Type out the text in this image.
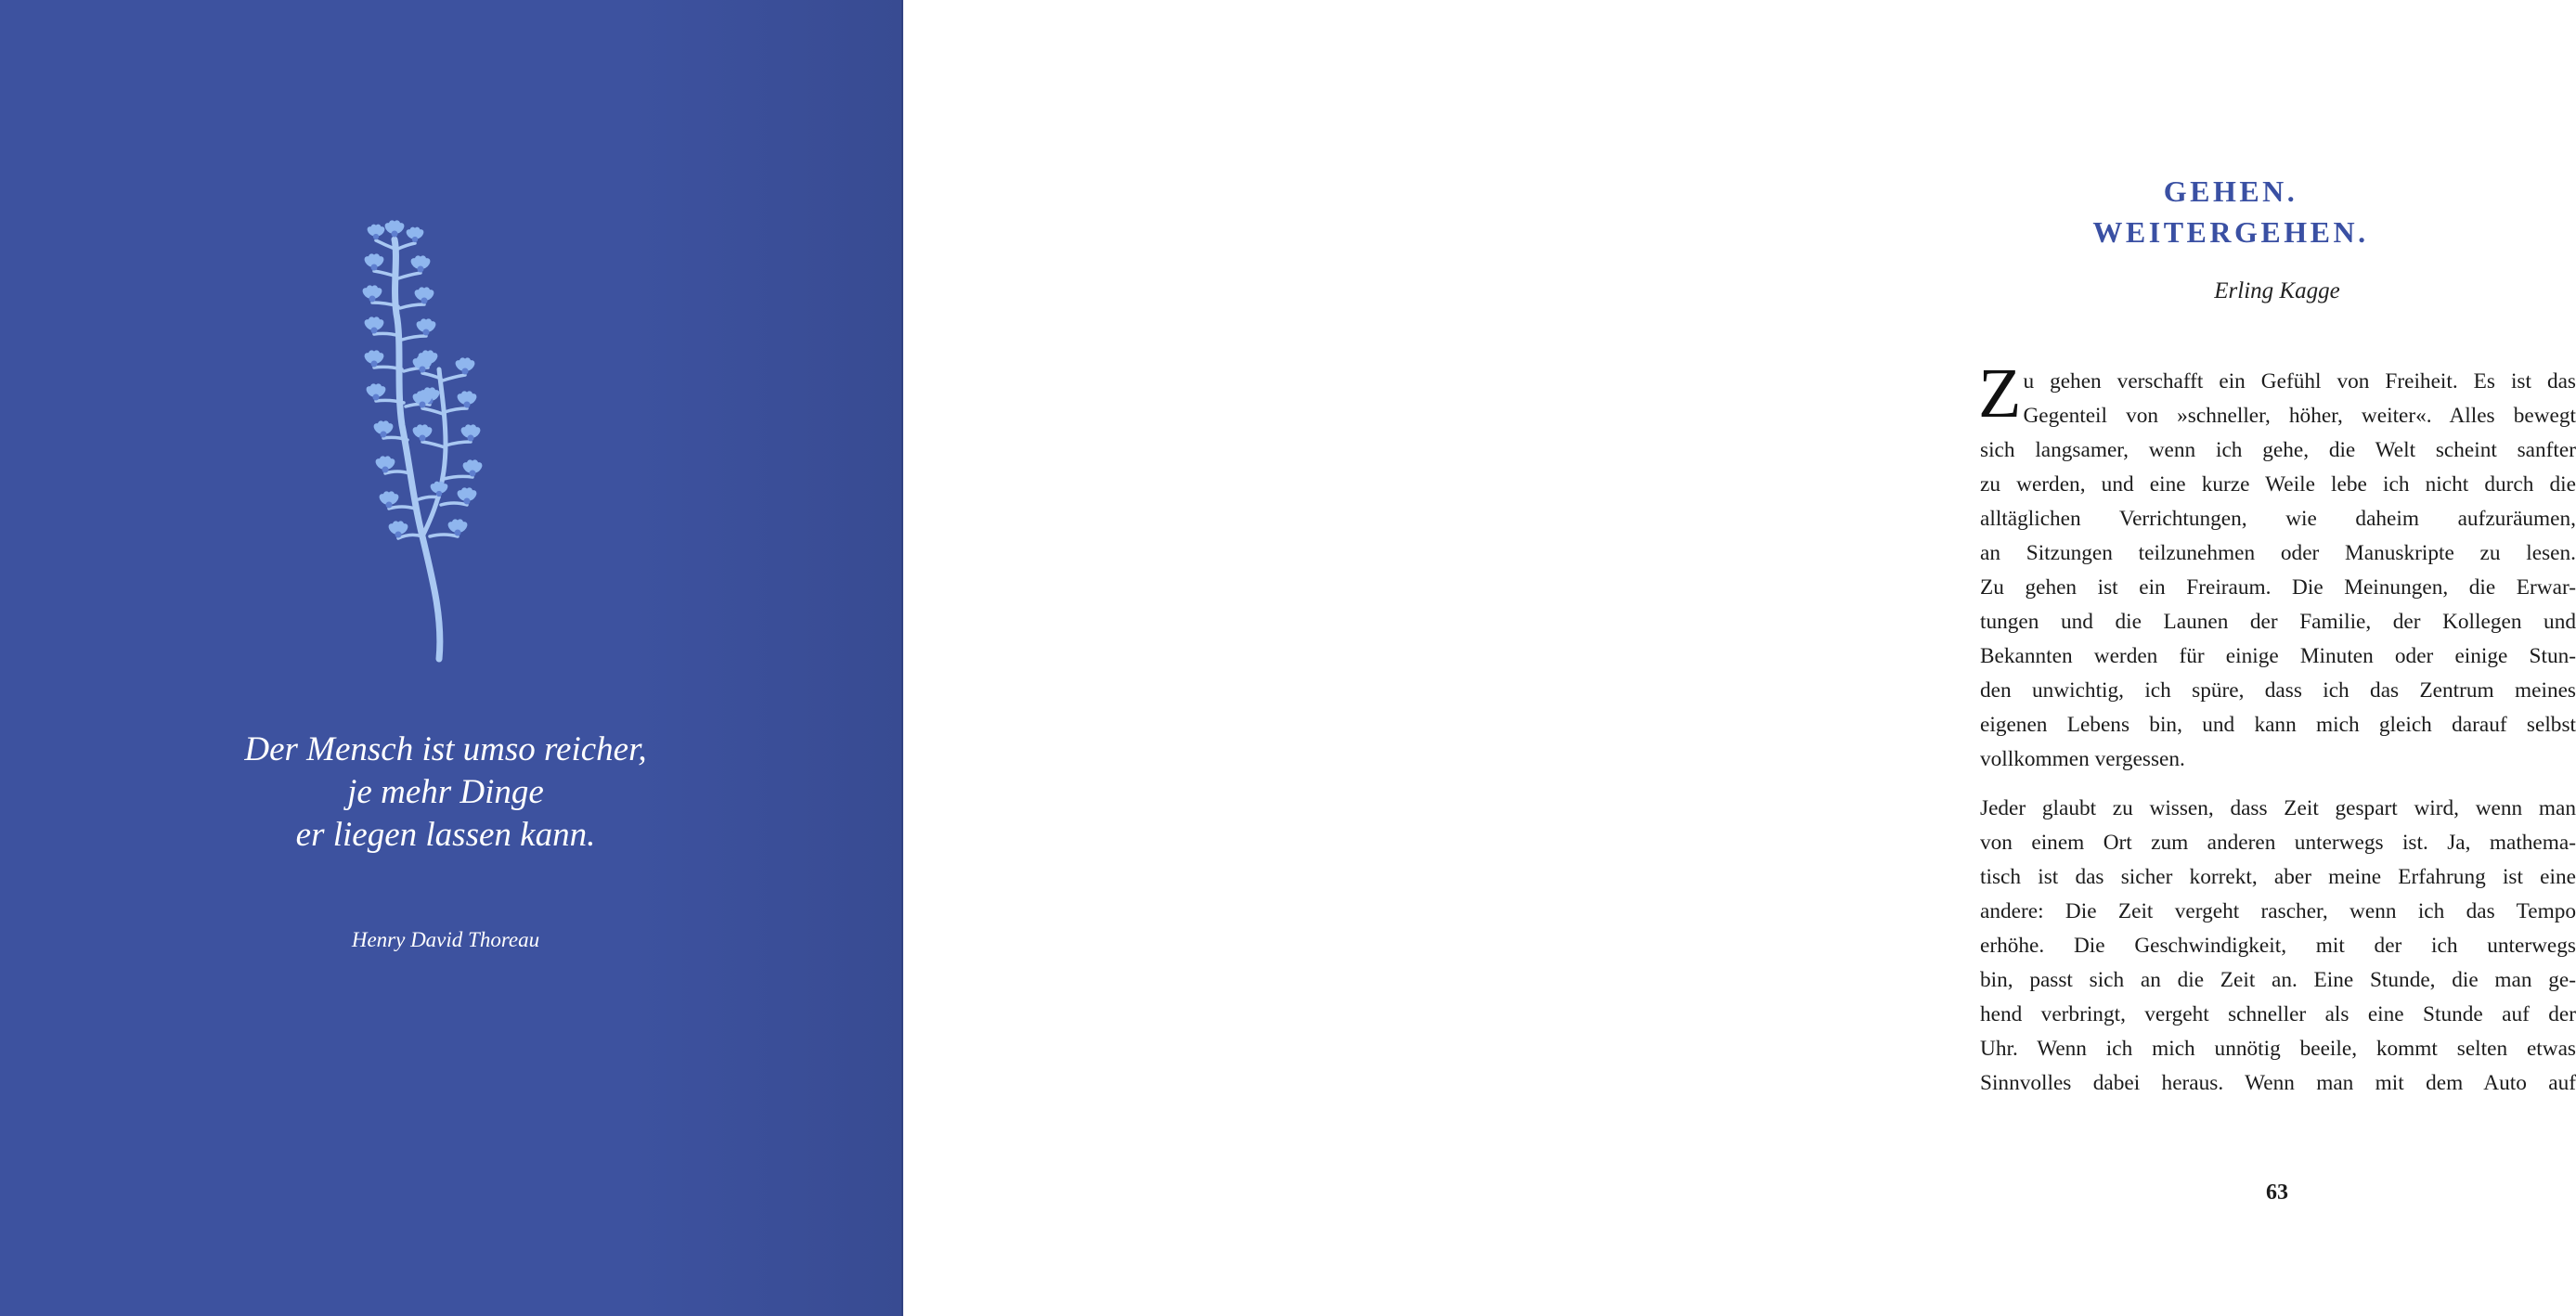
Der Mensch ist umso reicher,
je mehr Dinge
er liegen lassen kann.
Henry David Thoreau
GEHEN.
WEITERGEHEN.
Erling Kagge
Z u gehen verschafft ein Gefühl von Freiheit. Es ist das
Gegenteil von »schneller, höher, weiter«. Alles bewegt
sich langsamer, wenn ich gehe, die Welt scheint sanfter
zu werden, und eine kurze Weile lebe ich nicht durch die
alltäglichen Verrichtungen, wie daheim aufzuräumen,
an Sitzungen teilzunehmen oder Manuskripte zu lesen.
Zu gehen ist ein Freiraum. Die Meinungen, die Erwar-
tungen und die Launen der Familie, der Kollegen und
Bekannten werden für einige Minuten oder einige Stun-
den unwichtig, ich spüre, dass ich das Zentrum meines
eigenen Lebens bin, und kann mich gleich darauf selbst
vollkommen vergessen.
Jeder glaubt zu wissen, dass Zeit gespart wird, wenn man
von einem Ort zum anderen unterwegs ist. Ja, mathema-
tisch ist das sicher korrekt, aber meine Erfahrung ist eine
andere: Die Zeit vergeht rascher, wenn ich das Tempo
erhöhe. Die Geschwindigkeit, mit der ich unterwegs
bin, passt sich an die Zeit an. Eine Stunde, die man ge-
hend verbringt, vergeht schneller als eine Stunde auf der
Uhr. Wenn ich mich unnötig beeile, kommt selten etwas
Sinnvolles dabei heraus. Wenn man mit dem Auto auf
63
